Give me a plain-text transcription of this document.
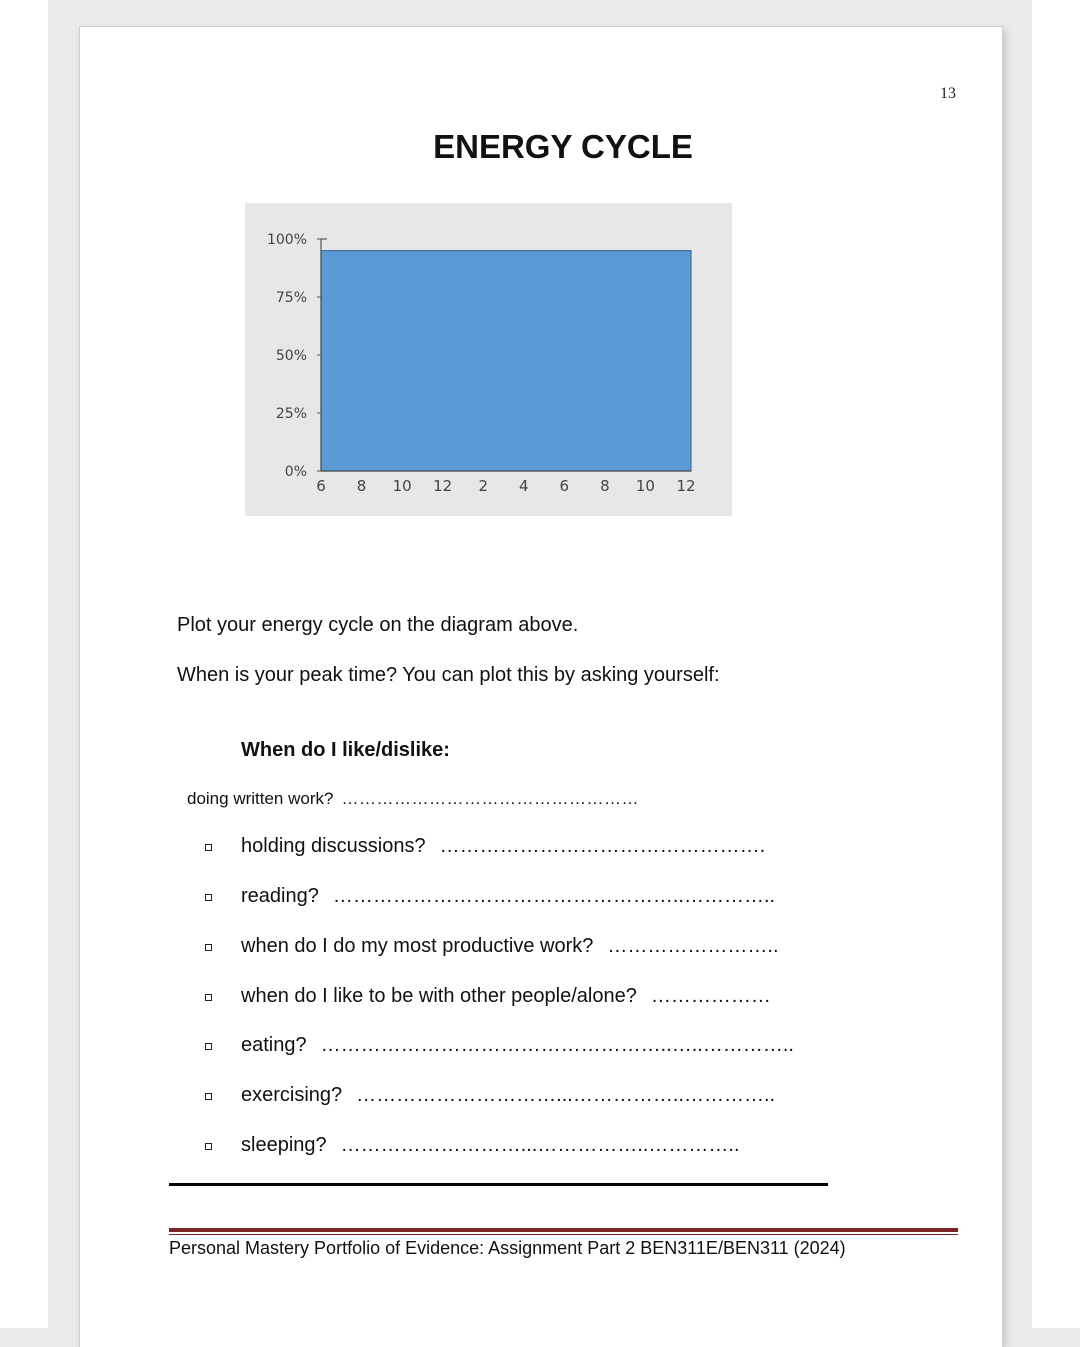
13
ENERGY CYCLE
0%
25%
50%
75%
100%
6 8 10 12 2 4 6 8 10 12
Plot your energy cycle on the diagram above.
When is your peak time? You can plot this by asking yourself:
When do I like/dislike:
doing written work? ……………………………………………
holding discussions? ………………………………………….
reading? ……………………………………………..…………..
when do I do my most productive work? ……………………..
when do I like to be with other people/alone? ………………
eating? ……………………………………………..…..…………..
exercising? …………………………...……………..…………..
sleeping? ………………………...……………..…………..
Personal Mastery Portfolio of Evidence: Assignment Part 2 BEN311E/BEN311 (2024)
